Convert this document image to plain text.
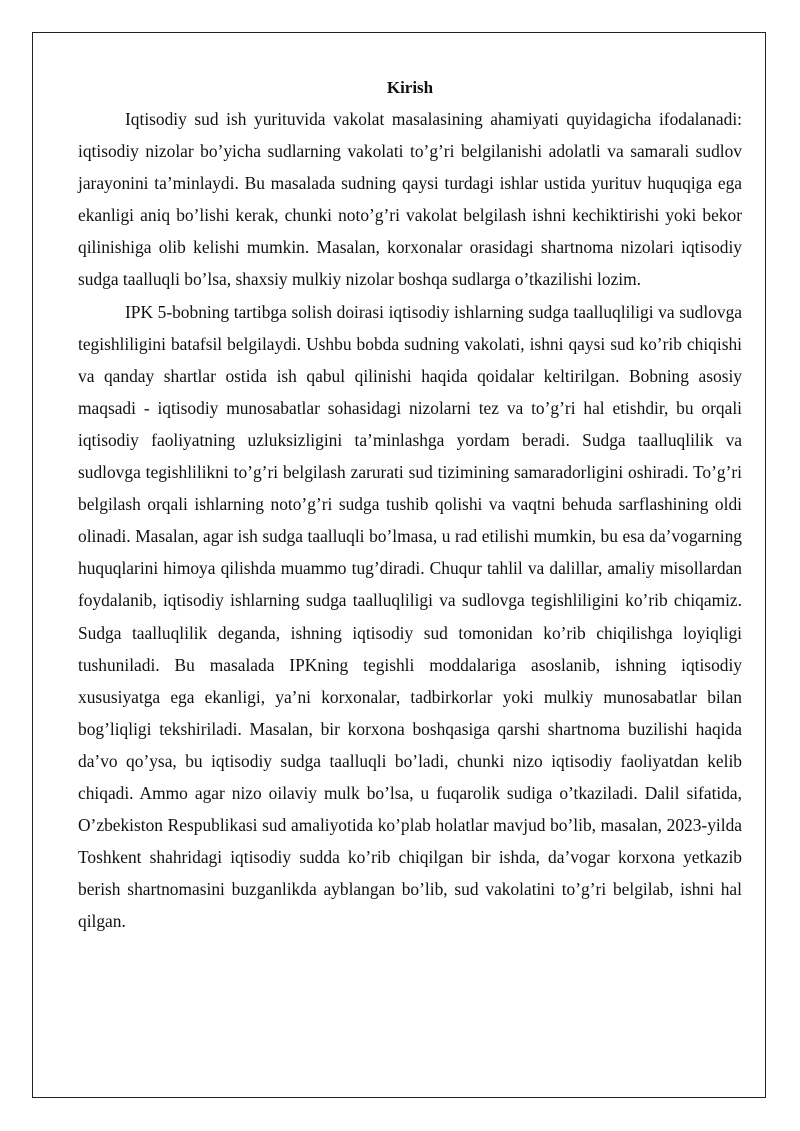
Kirish

Iqtisodiy sud ish yurituvida vakolat masalasining ahamiyati quyidagicha ifodalanadi: iqtisodiy nizolar bo’yicha sudlarning vakolati to’g’ri belgilanishi adolatli va samarali sudlov jarayonini ta’minlaydi. Bu masalada sudning qaysi turdagi ishlar ustida yurituv huquqiga ega ekanligi aniq bo’lishi kerak, chunki noto’g’ri vakolat belgilash ishni kechiktirishi yoki bekor qilinishiga olib kelishi mumkin. Masalan, korxonalar orasidagi shartnoma nizolari iqtisodiy sudga taalluqli bo’lsa, shaxsiy mulkiy nizolar boshqa sudlarga o’tkazilishi lozim.

IPK 5-bobning tartibga solish doirasi iqtisodiy ishlarning sudga taalluqliligi va sudlovga tegishliligini batafsil belgilaydi. Ushbu bobda sudning vakolati, ishni qaysi sud ko’rib chiqishi va qanday shartlar ostida ish qabul qilinishi haqida qoidalar keltirilgan. Bobning asosiy maqsadi - iqtisodiy munosabatlar sohasidagi nizolarni tez va to’g’ri hal etishdir, bu orqali iqtisodiy faoliyatning uzluksizligini ta’minlashga yordam beradi. Sudga taalluqlilik va sudlovga tegishlilikni to’g’ri belgilash zarurati sud tizimining samaradorligini oshiradi. To’g’ri belgilash orqali ishlarning noto’g’ri sudga tushib qolishi va vaqtni behuda sarflashining oldi olinadi. Masalan, agar ish sudga taalluqli bo’lmasa, u rad etilishi mumkin, bu esa da’vogarning huquqlarini himoya qilishda muammo tug’diradi. Chuqur tahlil va dalillar, amaliy misollardan foydalanib, iqtisodiy ishlarning sudga taalluqliligi va sudlovga tegishliligini ko’rib chiqamiz. Sudga taalluqlilik deganda, ishning iqtisodiy sud tomonidan ko’rib chiqilishga loyiqligi tushuniladi. Bu masalada IPKning tegishli moddalariga asoslanib, ishning iqtisodiy xususiyatga ega ekanligi, ya’ni korxonalar, tadbirkorlar yoki mulkiy munosabatlar bilan bog’liqligi tekshiriladi. Masalan, bir korxona boshqasiga qarshi shartnoma buzilishi haqida da’vo qo’ysa, bu iqtisodiy sudga taalluqli bo’ladi, chunki nizo iqtisodiy faoliyatdan kelib chiqadi. Ammo agar nizo oilaviy mulk bo’lsa, u fuqarolik sudiga o’tkaziladi. Dalil sifatida, O’zbekiston Respublikasi sud amaliyotida ko’plab holatlar mavjud bo’lib, masalan, 2023-yilda Toshkent shahridagi iqtisodiy sudda ko’rib chiqilgan bir ishda, da’vogar korxona yetkazib berish shartnomasini buzganlikda ayblangan bo’lib, sud vakolatini to’g’ri belgilab, ishni hal qilgan.
